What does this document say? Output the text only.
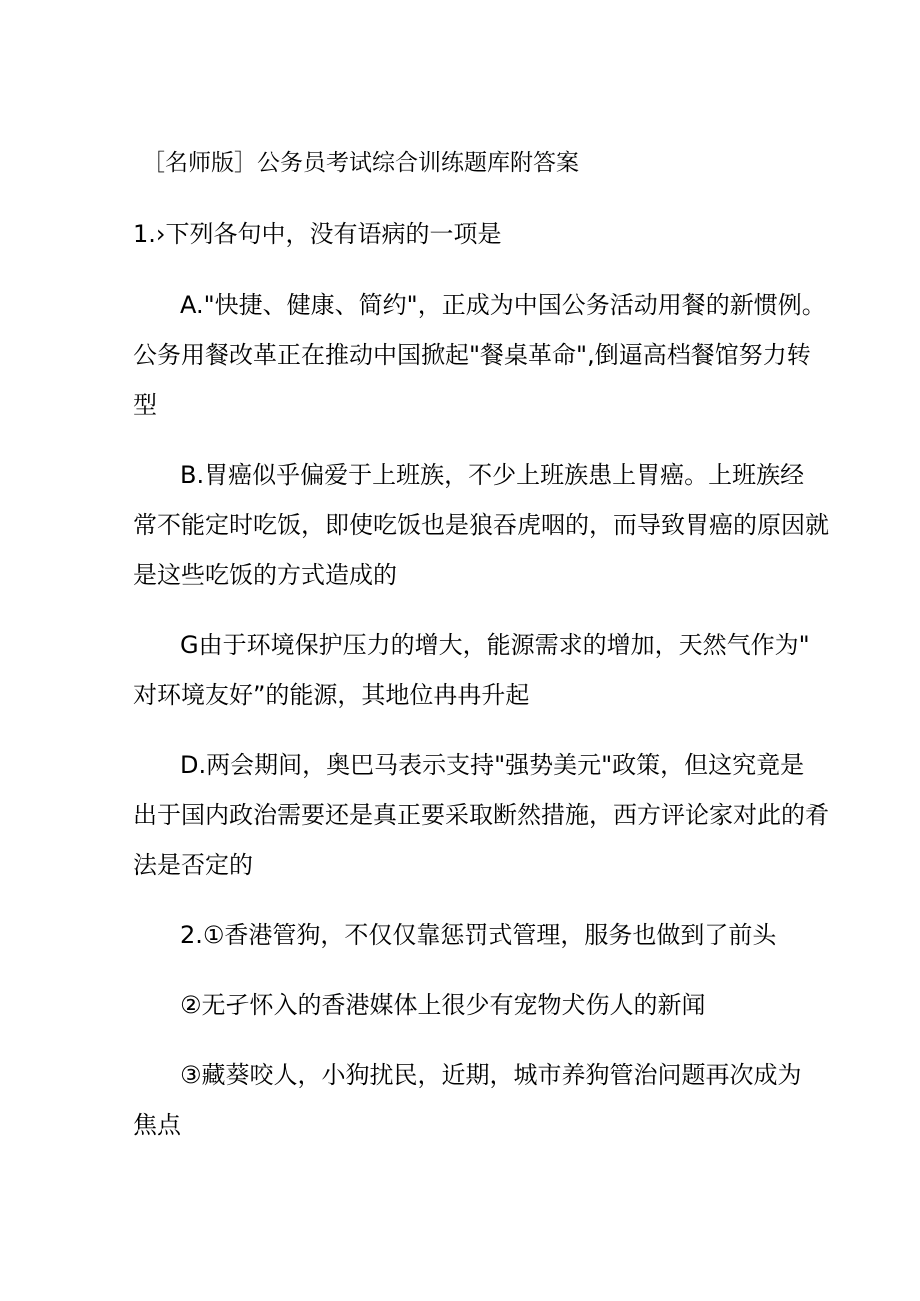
［名师版］公务员考试综合训练题库附答案
1.›下列各句中，没有语病的一项是
A."快捷、健康、简约"，正成为中国公务活动用餐的新惯例。
公务用餐改革正在推动中国掀起"餐桌革命",倒逼高档餐馆努力转
型
B.胃癌似乎偏爱于上班族，不少上班族患上胃癌。上班族经
常不能定时吃饭，即使吃饭也是狼吞虎咽的，而导致胃癌的原因就
是这些吃饭的方式造成的
G由于环境保护压力的增大，能源需求的增加，天然气作为"
对环境友好”的能源，其地位冉冉升起
D.两会期间，奥巴马表示支持"强势美元"政策，但这究竟是
出于国内政治需要还是真正要采取断然措施，西方评论家对此的肴
法是否定的
2.①香港管狗，不仅仅靠惩罚式管理，服务也做到了前头
②无孑怀入的香港媒体上很少有宠物犬伤人的新闻
③藏葵咬人，小狗扰民，近期，城市养狗管治问题再次成为
焦点
